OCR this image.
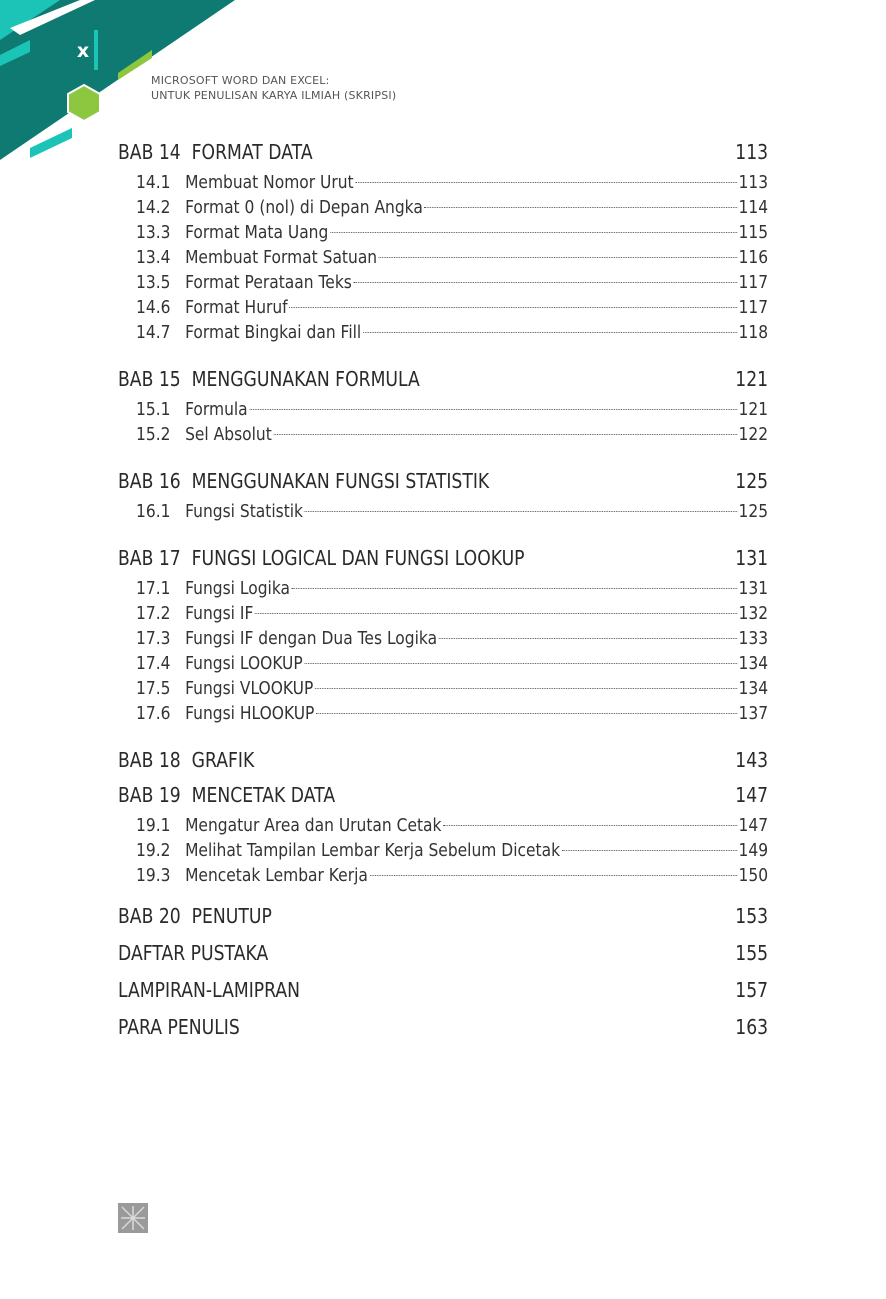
x
MICROSOFT WORD DAN EXCEL:
UNTUK PENULISAN KARYA ILMIAH (SKRIPSI)
BAB 14  FORMAT DATA	113
14.1 Membuat Nomor Urut	113
14.2 Format 0 (nol) di Depan Angka	114
13.3 Format Mata Uang	115
13.4 Membuat Format Satuan	116
13.5 Format Perataan Teks	117
14.6 Format Huruf	117
14.7 Format Bingkai dan Fill	118
BAB 15  MENGGUNAKAN FORMULA	121
15.1 Formula	121
15.2 Sel Absolut	122
BAB 16  MENGGUNAKAN FUNGSI STATISTIK	125
16.1 Fungsi Statistik	125
BAB 17  FUNGSI LOGICAL DAN FUNGSI LOOKUP	131
17.1 Fungsi Logika	131
17.2 Fungsi IF	132
17.3 Fungsi IF dengan Dua Tes Logika	133
17.4 Fungsi LOOKUP	134
17.5 Fungsi VLOOKUP	134
17.6 Fungsi HLOOKUP	137
BAB 18  GRAFIK	143
BAB 19  MENCETAK DATA	147
19.1 Mengatur Area dan Urutan Cetak	147
19.2 Melihat Tampilan Lembar Kerja Sebelum Dicetak	149
19.3 Mencetak Lembar Kerja	150
BAB 20  PENUTUP	153
DAFTAR PUSTAKA	155
LAMPIRAN-LAMIPRAN	157
PARA PENULIS	163
